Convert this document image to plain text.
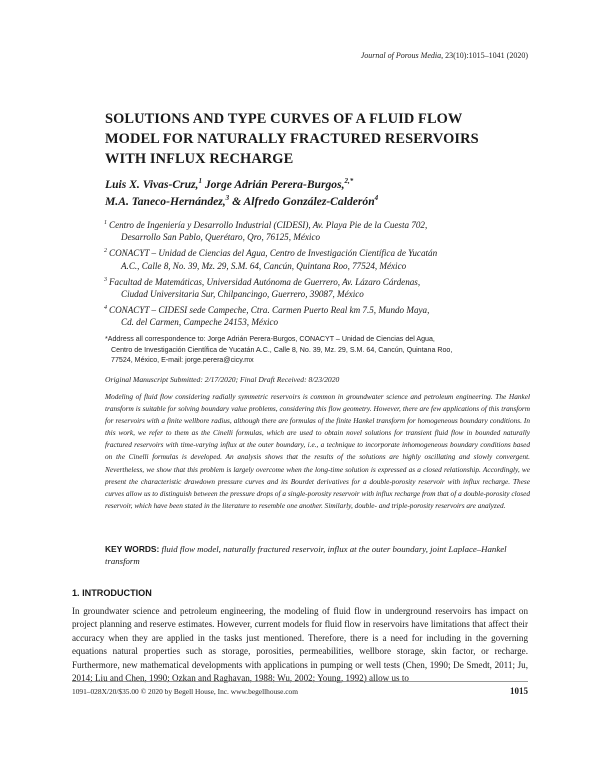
Journal of Porous Media, 23(10):1015–1041 (2020)
SOLUTIONS AND TYPE CURVES OF A FLUID FLOW
MODEL FOR NATURALLY FRACTURED RESERVOIRS
WITH INFLUX RECHARGE
Luis X. Vivas-Cruz,$^1$ Jorge Adrián Perera-Burgos,$^{2,*}$
M.A. Taneco-Hernández,$^3$ & Alfredo González-Calderón$^4$
1 Centro de Ingeniería y Desarrollo Industrial (CIDESI), Av. Playa Pie de la Cuesta 702,
Desarrollo San Pablo, Querétaro, Qro, 76125, México
2 CONACYT – Unidad de Ciencias del Agua, Centro de Investigación Científica de Yucatán
A.C., Calle 8, No. 39, Mz. 29, S.M. 64, Cancún, Quintana Roo, 77524, México
3 Facultad de Matemáticas, Universidad Autónoma de Guerrero, Av. Lázaro Cárdenas,
Ciudad Universitaria Sur, Chilpancingo, Guerrero, 39087, México
4 CONACYT – CIDESI sede Campeche, Ctra. Carmen Puerto Real km 7.5, Mundo Maya,
Cd. del Carmen, Campeche 24153, México
*Address all correspondence to: Jorge Adrián Perera-Burgos, CONACYT – Unidad de Ciencias del Agua,
Centro de Investigación Científica de Yucatán A.C., Calle 8, No. 39, Mz. 29, S.M. 64, Cancún, Quintana Roo,
77524, México, E-mail: jorge.perera@cicy.mx
Original Manuscript Submitted: 2/17/2020; Final Draft Received: 8/23/2020
Modeling of fluid flow considering radially symmetric reservoirs is common in groundwater science and petroleum engineering. The Hankel transform is suitable for solving boundary value problems, considering this flow geometry. However, there are few applications of this transform for reservoirs with a finite wellbore radius, although there are formulas of the finite Hankel transform for homogeneous boundary conditions. In this work, we refer to them as the Cinelli formulas, which are used to obtain novel solutions for transient fluid flow in bounded naturally fractured reservoirs with time-varying influx at the outer boundary, i.e., a technique to incorporate inhomogeneous boundary conditions based on the Cinelli formulas is developed. An analysis shows that the results of the solutions are highly oscillating and slowly convergent. Nevertheless, we show that this problem is largely overcome when the long-time solution is expressed as a closed relationship. Accordingly, we present the characteristic drawdown pressure curves and its Bourdet derivatives for a double-porosity reservoir with influx recharge. These curves allow us to distinguish between the pressure drops of a single-porosity reservoir with influx recharge from that of a double-porosity closed reservoir, which have been stated in the literature to resemble one another. Similarly, double- and triple-porosity reservoirs are analyzed.
KEY WORDS: fluid flow model, naturally fractured reservoir, influx at the outer boundary, joint Laplace–Hankel transform
1. INTRODUCTION
In groundwater science and petroleum engineering, the modeling of fluid flow in underground reservoirs has impact on project planning and reserve estimates. However, current models for fluid flow in reservoirs have limitations that affect their accuracy when they are applied in the tasks just mentioned. Therefore, there is a need for including in the governing equations natural properties such as storage, porosities, permeabilities, wellbore storage, skin factor, or recharge. Furthermore, new mathematical developments with applications in pumping or well tests (Chen, 1990; De Smedt, 2011; Ju, 2014; Liu and Chen, 1990; Ozkan and Raghavan, 1988; Wu, 2002; Young, 1992) allow us to
1091–028X/20/$35.00 © 2020 by Begell House, Inc. www.begellhouse.com	1015
